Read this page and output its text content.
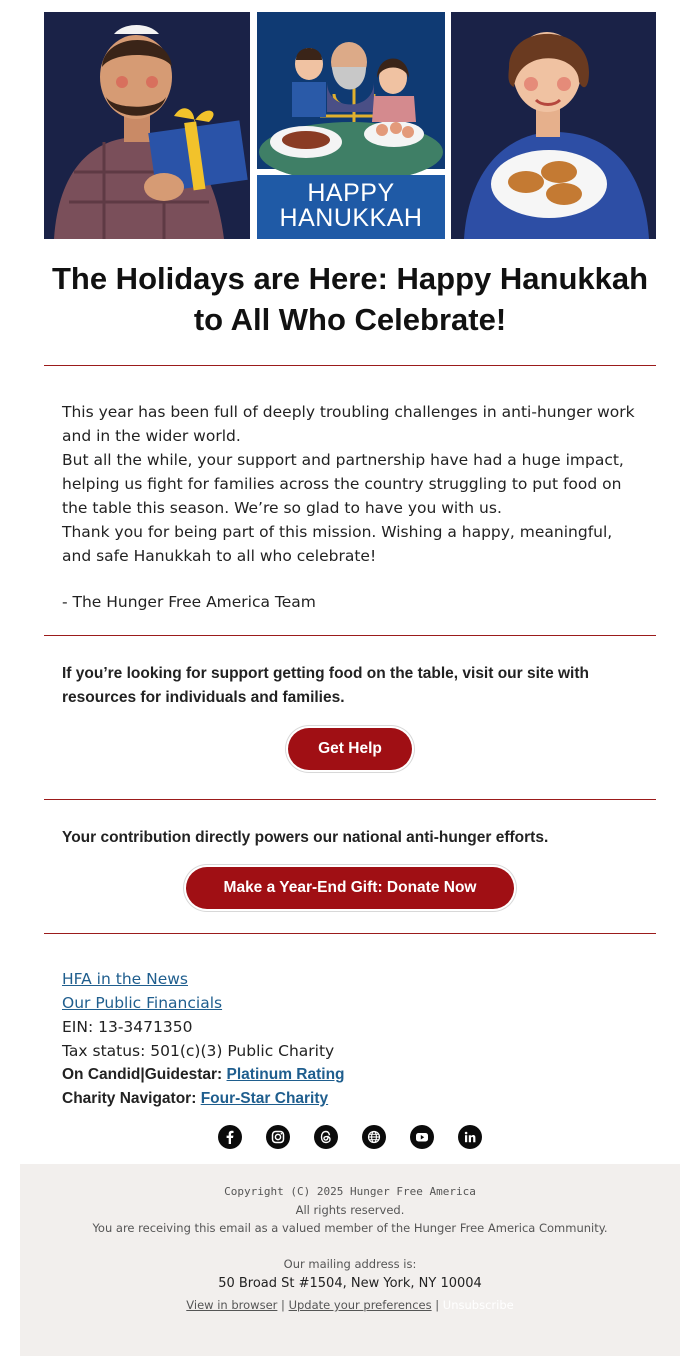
HAPPY
HANUKKAH
The Holidays are Here: Happy Hanukkah to All Who Celebrate!

This year has been full of deeply troubling challenges in anti-hunger work and in the wider world.

But all the while, your support and partnership have had a huge impact, helping us fight for families across the country struggling to put food on the table this season. We’re so glad to have you with us.

Thank you for being part of this mission. Wishing a happy, meaningful, and safe Hanukkah to all who celebrate!

- The Hunger Free America Team

If you’re looking for support getting food on the table, visit our site with resources for individuals and families.

Get Help

Your contribution directly powers our national anti-hunger efforts.

Make a Year-End Gift: Donate Now
HFA in the News
Our Public Financials
EIN: 13-3471350
Tax status: 501(c)(3) Public Charity
On Candid|Guidestar: Platinum Rating
Charity Navigator: Four-Star Charity
Copyright (C) 2025 Hunger Free America
All rights reserved.
You are receiving this email as a valued member of the Hunger Free America Community.
Our mailing address is:
50 Broad St #1504, New York, NY 10004
View in browser | Update your preferences | Unsubscribe
